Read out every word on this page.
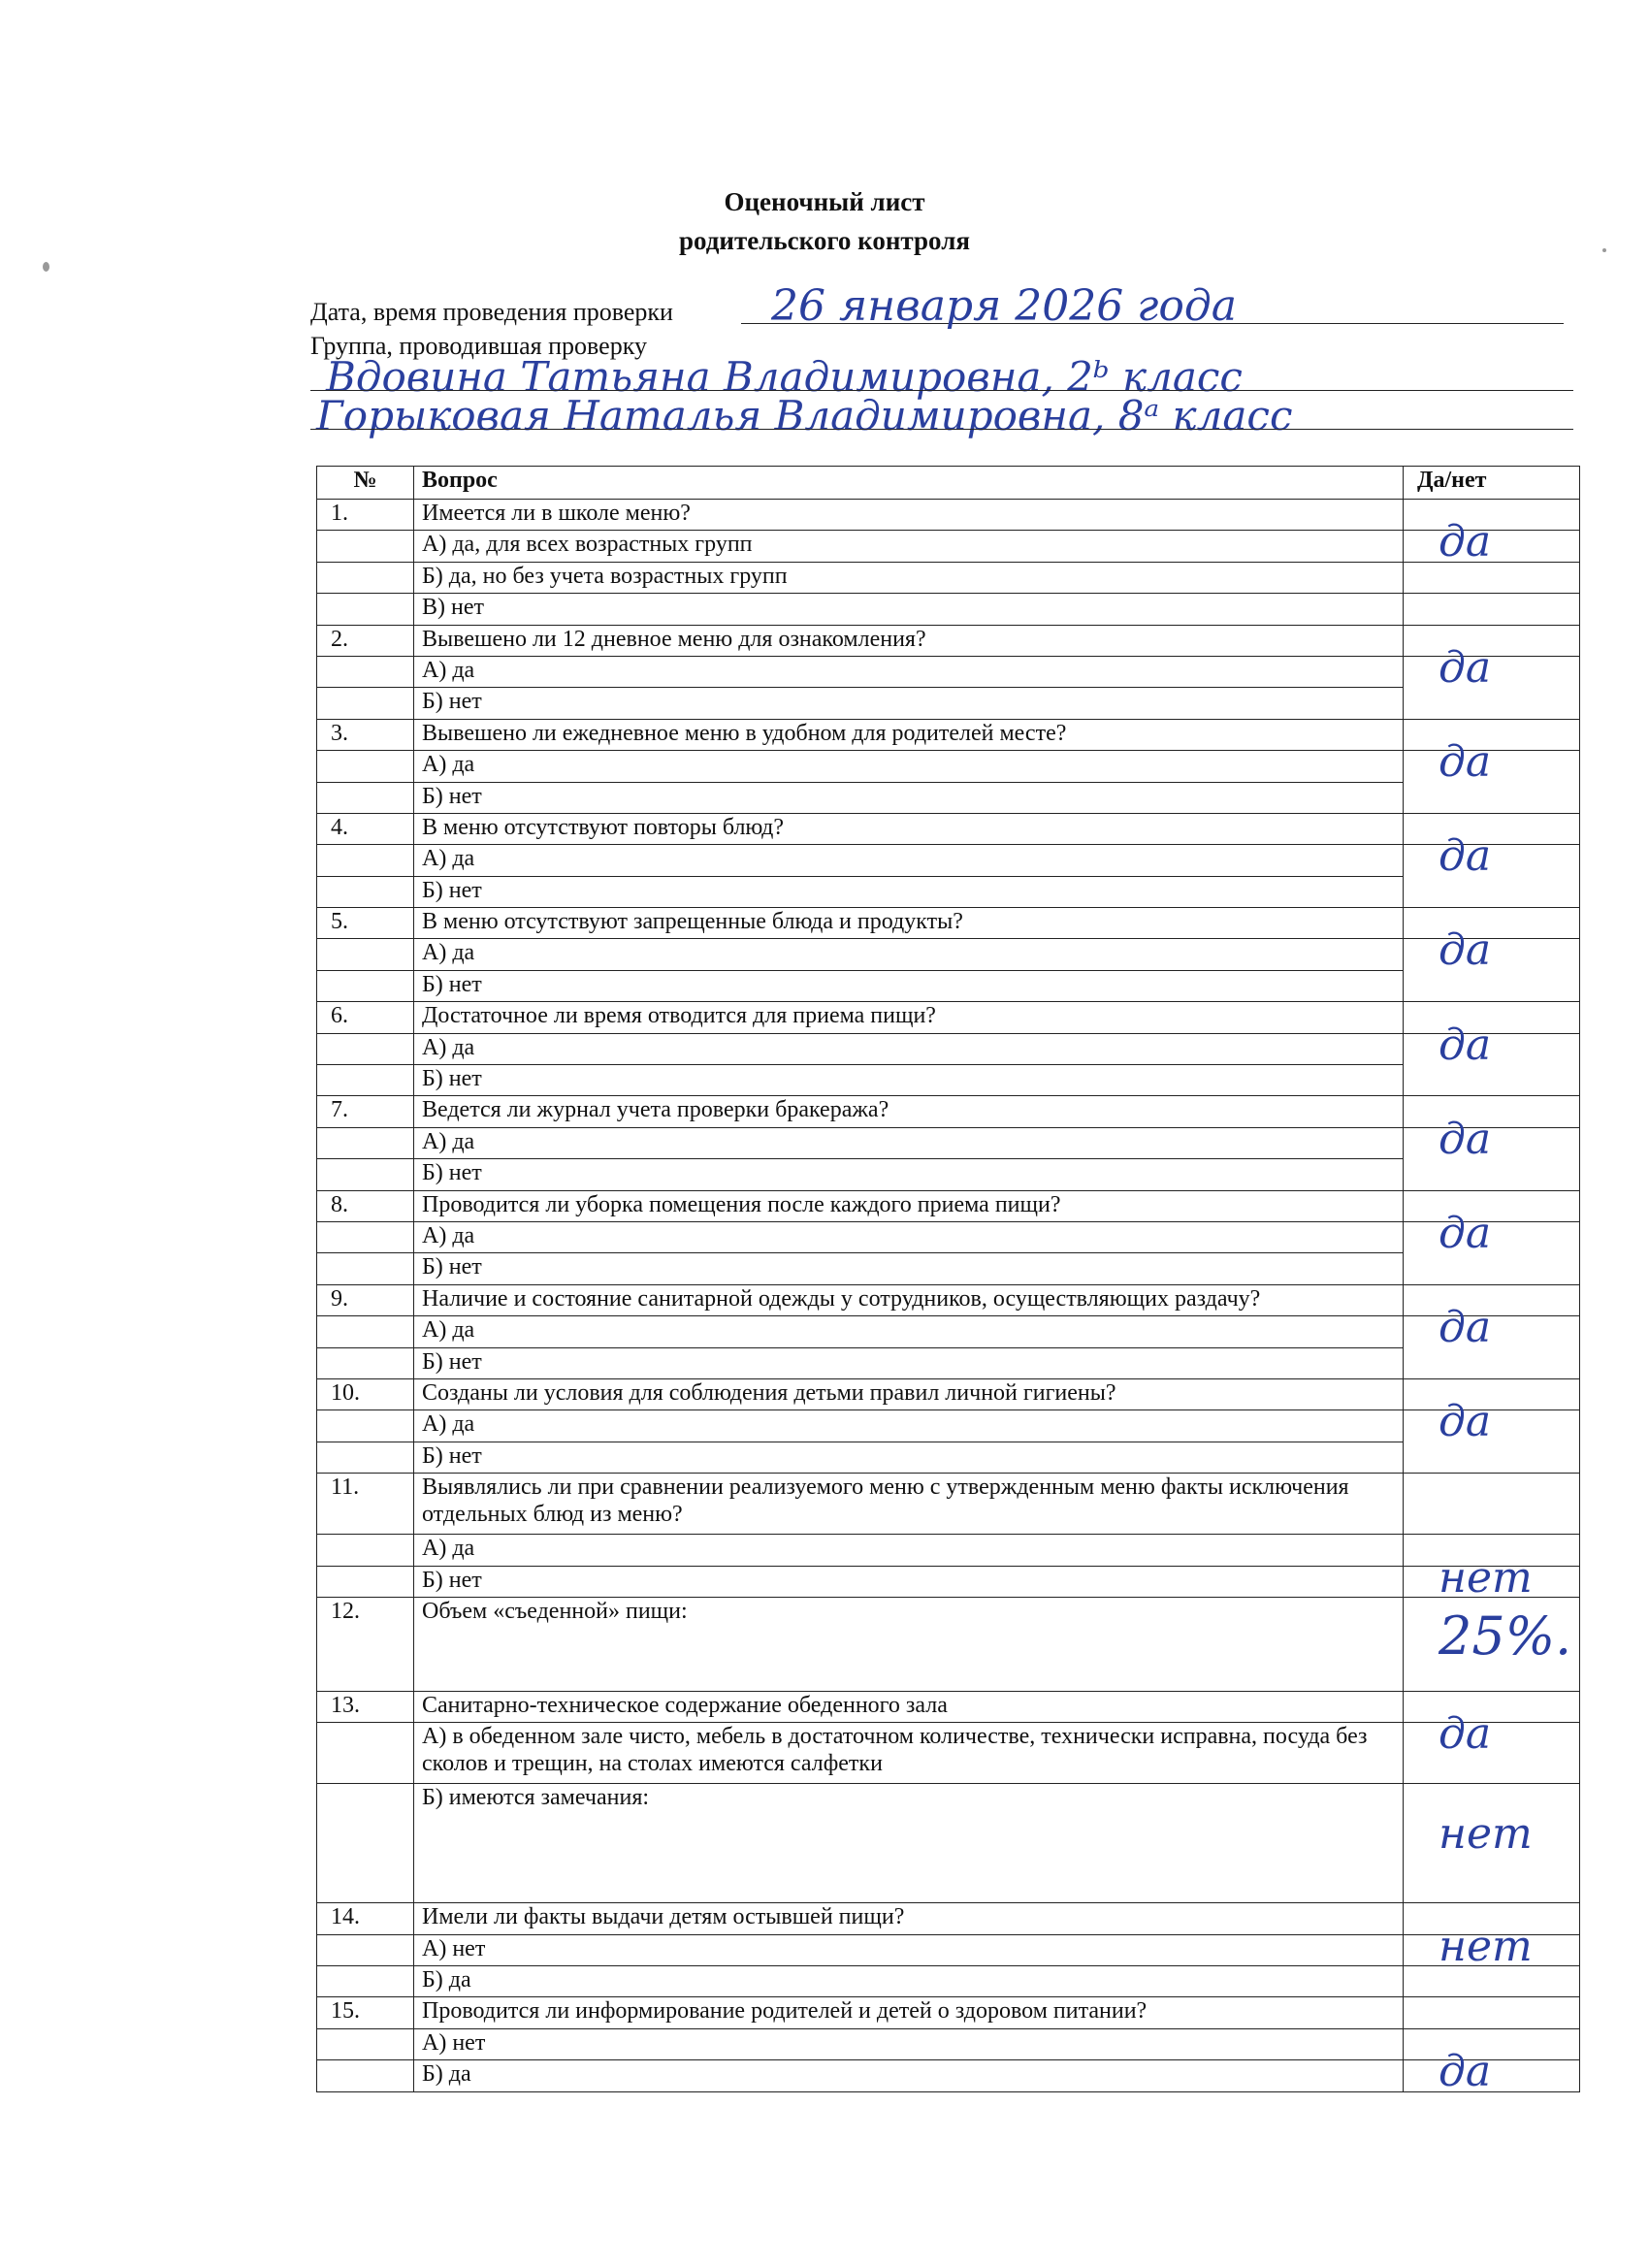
Оценочный лист
родительского контроля
Дата, время проведения проверки 26 января 2026 года
Группа, проводившая проверку
Вдовина Татьяна Владимировна, 2ᵇ класс
Горыковая Наталья Владимировна, 8ᵃ класс
№	Вопрос	Да/нет
1.	Имеется ли в школе меню?	
	А) да, для всех возрастных групп	да

	Б) да, но без учета возрастных групп	
	В) нет	
2.	Вывешено ли 12 дневное меню для ознакомления?	
	А) да	да

	Б) нет	
3.	Вывешено ли ежедневное меню в удобном для родителей месте?	
	А) да	да

	Б) нет	
4.	В меню отсутствуют повторы блюд?	
	А) да	да

	Б) нет	
5.	В меню отсутствуют запрещенные блюда и продукты?	
	А) да	да

	Б) нет	
6.	Достаточное ли время отводится для приема пищи?	
	А) да	да

	Б) нет	
7.	Ведется ли журнал учета проверки бракеража?	
	А) да	да

	Б) нет	
8.	Проводится ли уборка помещения после каждого приема пищи?	
	А) да	да

	Б) нет	
9.	Наличие и состояние санитарной одежды у сотрудников, осуществляющих раздачу?	
	А) да	да

	Б) нет	
10.	Созданы ли условия для соблюдения детьми правил личной гигиены?	
	А) да	да

	Б) нет	
11.	Выявлялись ли при сравнении реализуемого меню с утвержденным меню факты исключения отдельных блюд из меню?	
	А) да	
	Б) нет	нет

12.	Объем «съеденной» пищи:	25%.

13.	Санитарно-техническое содержание обеденного зала	
	А) в обеденном зале чисто, мебель в достаточном количестве, технически исправна, посуда без сколов и трещин, на столах имеются салфетки	да

	Б) имеются замечания:	нет

14.	Имели ли факты выдачи детям остывшей пищи?	
	А) нет	нет

	Б) да	
15.	Проводится ли информирование родителей и детей о здоровом питании?	
	А) нет	
	Б) да	да
